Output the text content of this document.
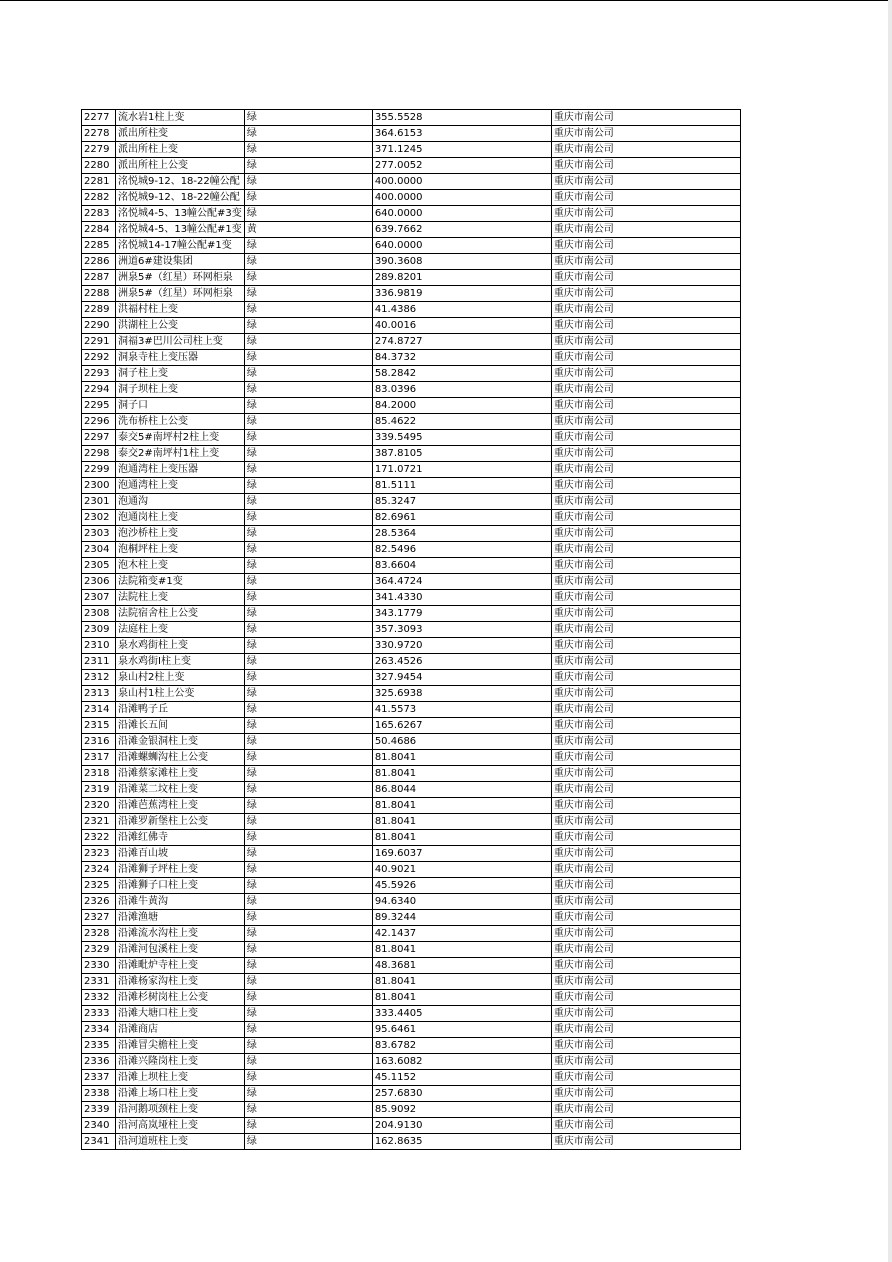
2277	流水岩1柱上变	绿	355.5528	重庆市南公司
2278	派出所柱变	绿	364.6153	重庆市南公司
2279	派出所柱上变	绿	371.1245	重庆市南公司
2280	派出所柱上公变	绿	277.0052	重庆市南公司
2281	洺悦城9-12、18-22幢公配	绿	400.0000	重庆市南公司
2282	洺悦城9-12、18-22幢公配	绿	400.0000	重庆市南公司
2283	洺悦城4-5、13幢公配#3变	绿	640.0000	重庆市南公司
2284	洺悦城4-5、13幢公配#1变	黄	639.7662	重庆市南公司
2285	洺悦城14-17幢公配#1变	绿	640.0000	重庆市南公司
2286	洲道6#建设集团	绿	390.3608	重庆市南公司
2287	洲泉5#（红星）环网柜泉	绿	289.8201	重庆市南公司
2288	洲泉5#（红星）环网柜泉	绿	336.9819	重庆市南公司
2289	洪福村柱上变	绿	41.4386	重庆市南公司
2290	洪湖柱上公变	绿	40.0016	重庆市南公司
2291	洞福3#巴川公司柱上变	绿	274.8727	重庆市南公司
2292	洞泉寺柱上变压器	绿	84.3732	重庆市南公司
2293	洞子柱上变	绿	58.2842	重庆市南公司
2294	洞子坝柱上变	绿	83.0396	重庆市南公司
2295	洞子口	绿	84.2000	重庆市南公司
2296	洗布桥柱上公变	绿	85.4622	重庆市南公司
2297	泰交5#南坪村2柱上变	绿	339.5495	重庆市南公司
2298	泰交2#南坪村1柱上变	绿	387.8105	重庆市南公司
2299	泡通湾柱上变压器	绿	171.0721	重庆市南公司
2300	泡通湾柱上变	绿	81.5111	重庆市南公司
2301	泡通沟	绿	85.3247	重庆市南公司
2302	泡通岗柱上变	绿	82.6961	重庆市南公司
2303	泡沙桥柱上变	绿	28.5364	重庆市南公司
2304	泡桐坪柱上变	绿	82.5496	重庆市南公司
2305	泡木柱上变	绿	83.6604	重庆市南公司
2306	法院箱变#1变	绿	364.4724	重庆市南公司
2307	法院柱上变	绿	341.4330	重庆市南公司
2308	法院宿舍柱上公变	绿	343.1779	重庆市南公司
2309	法庭柱上变	绿	357.3093	重庆市南公司
2310	泉水鸡街柱上变	绿	330.9720	重庆市南公司
2311	泉水鸡街Ⅰ柱上变	绿	263.4526	重庆市南公司
2312	泉山村2柱上变	绿	327.9454	重庆市南公司
2313	泉山村1柱上公变	绿	325.6938	重庆市南公司
2314	沿滩鸭子丘	绿	41.5573	重庆市南公司
2315	沿滩长五间	绿	165.6267	重庆市南公司
2316	沿滩金银洞柱上变	绿	50.4686	重庆市南公司
2317	沿滩螺蛳沟柱上公变	绿	81.8041	重庆市南公司
2318	沿滩蔡家滩柱上变	绿	81.8041	重庆市南公司
2319	沿滩菜二坟柱上变	绿	86.8044	重庆市南公司
2320	沿滩芭蕉湾柱上变	绿	81.8041	重庆市南公司
2321	沿滩罗新堡柱上公变	绿	81.8041	重庆市南公司
2322	沿滩红佛寺	绿	81.8041	重庆市南公司
2323	沿滩百山坡	绿	169.6037	重庆市南公司
2324	沿滩狮子坪柱上变	绿	40.9021	重庆市南公司
2325	沿滩狮子口柱上变	绿	45.5926	重庆市南公司
2326	沿滩牛黄沟	绿	94.6340	重庆市南公司
2327	沿滩渔塘	绿	89.3244	重庆市南公司
2328	沿滩流水沟柱上变	绿	42.1437	重庆市南公司
2329	沿滩河包溪柱上变	绿	81.8041	重庆市南公司
2330	沿滩毗炉寺柱上变	绿	48.3681	重庆市南公司
2331	沿滩杨家沟柱上变	绿	81.8041	重庆市南公司
2332	沿滩杉树岗柱上公变	绿	81.8041	重庆市南公司
2333	沿滩大塘口柱上变	绿	333.4405	重庆市南公司
2334	沿滩商店	绿	95.6461	重庆市南公司
2335	沿滩冒尖檐柱上变	绿	83.6782	重庆市南公司
2336	沿滩兴隆岗柱上变	绿	163.6082	重庆市南公司
2337	沿滩上坝柱上变	绿	45.1152	重庆市南公司
2338	沿滩上场口柱上变	绿	257.6830	重庆市南公司
2339	沿河鹅项颈柱上变	绿	85.9092	重庆市南公司
2340	沿河高岚垭柱上变	绿	204.9130	重庆市南公司
2341	沿河道班柱上变	绿	162.8635	重庆市南公司
